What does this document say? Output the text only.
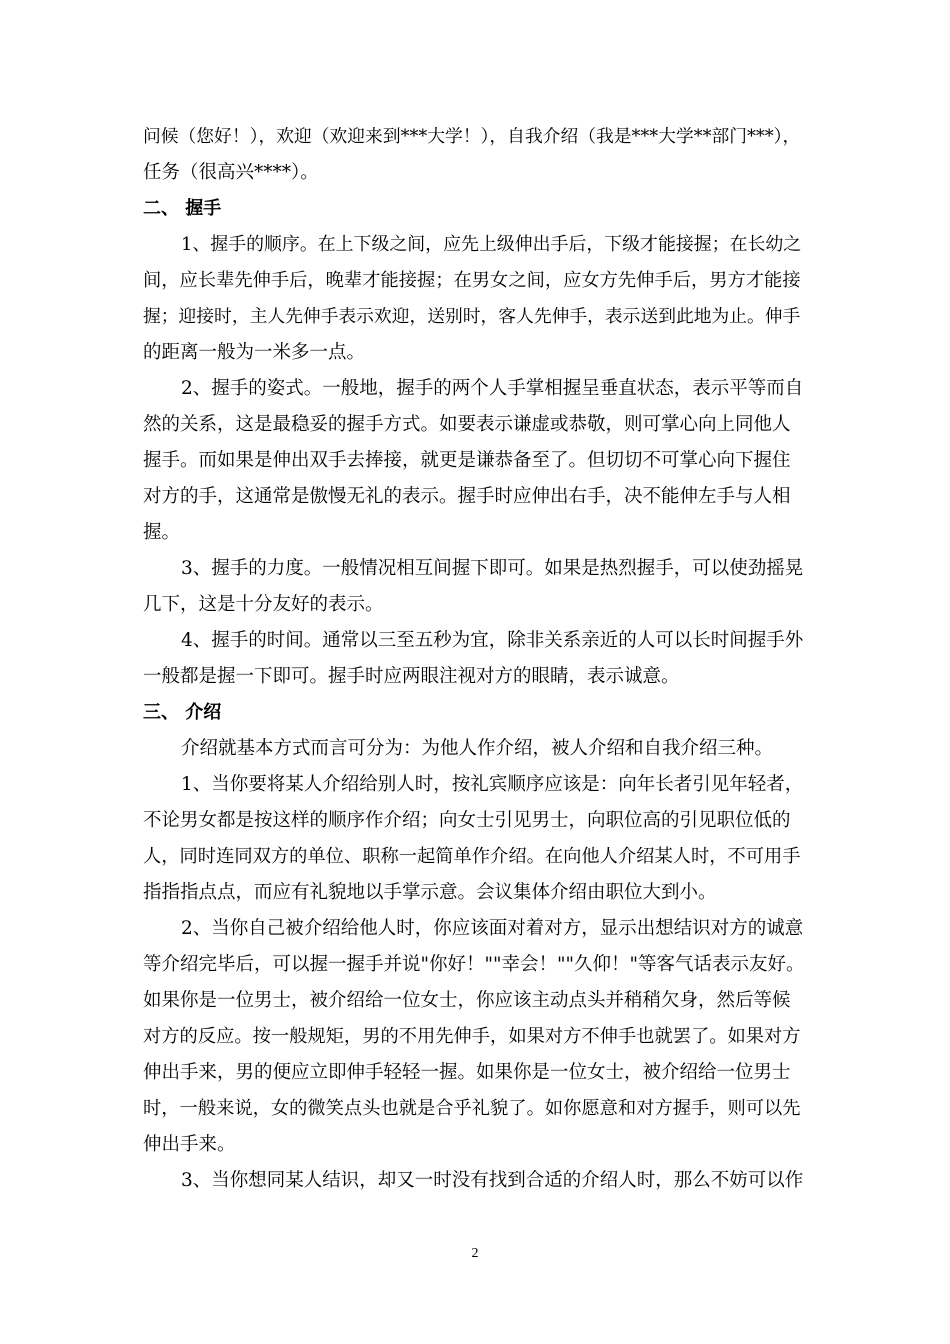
问候（您好！），欢迎（欢迎来到***大学！），自我介绍（我是***大学**部门***），
任务（很高兴****）。
二、 握手
1、握手的顺序。在上下级之间，应先上级伸出手后，下级才能接握；在长幼之
间，应长辈先伸手后，晚辈才能接握；在男女之间，应女方先伸手后，男方才能接
握；迎接时，主人先伸手表示欢迎，送别时，客人先伸手，表示送到此地为止。伸手
的距离一般为一米多一点。
2、握手的姿式。一般地，握手的两个人手掌相握呈垂直状态，表示平等而自
然的关系，这是最稳妥的握手方式。如要表示谦虚或恭敬，则可掌心向上同他人
握手。而如果是伸出双手去捧接，就更是谦恭备至了。但切切不可掌心向下握住
对方的手，这通常是傲慢无礼的表示。握手时应伸出右手，决不能伸左手与人相
握。
3、握手的力度。一般情况相互间握下即可。如果是热烈握手，可以使劲摇晃
几下，这是十分友好的表示。
4、握手的时间。通常以三至五秒为宜，除非关系亲近的人可以长时间握手外
一般都是握一下即可。握手时应两眼注视对方的眼睛，表示诚意。
三、 介绍
介绍就基本方式而言可分为：为他人作介绍，被人介绍和自我介绍三种。
1、当你要将某人介绍给别人时，按礼宾顺序应该是：向年长者引见年轻者，
不论男女都是按这样的顺序作介绍；向女士引见男士，向职位高的引见职位低的
人，同时连同双方的单位、职称一起简单作介绍。在向他人介绍某人时，不可用手
指指指点点，而应有礼貌地以手掌示意。会议集体介绍由职位大到小。
2、当你自己被介绍给他人时，你应该面对着对方，显示出想结识对方的诚意
等介绍完毕后，可以握一握手并说"你好！""幸会！""久仰！"等客气话表示友好。
如果你是一位男士，被介绍给一位女士，你应该主动点头并稍稍欠身，然后等候
对方的反应。按一般规矩，男的不用先伸手，如果对方不伸手也就罢了。如果对方
伸出手来，男的便应立即伸手轻轻一握。如果你是一位女士，被介绍给一位男士
时，一般来说，女的微笑点头也就是合乎礼貌了。如你愿意和对方握手，则可以先
伸出手来。
3、当你想同某人结识，却又一时没有找到合适的介绍人时，那么不妨可以作
2
